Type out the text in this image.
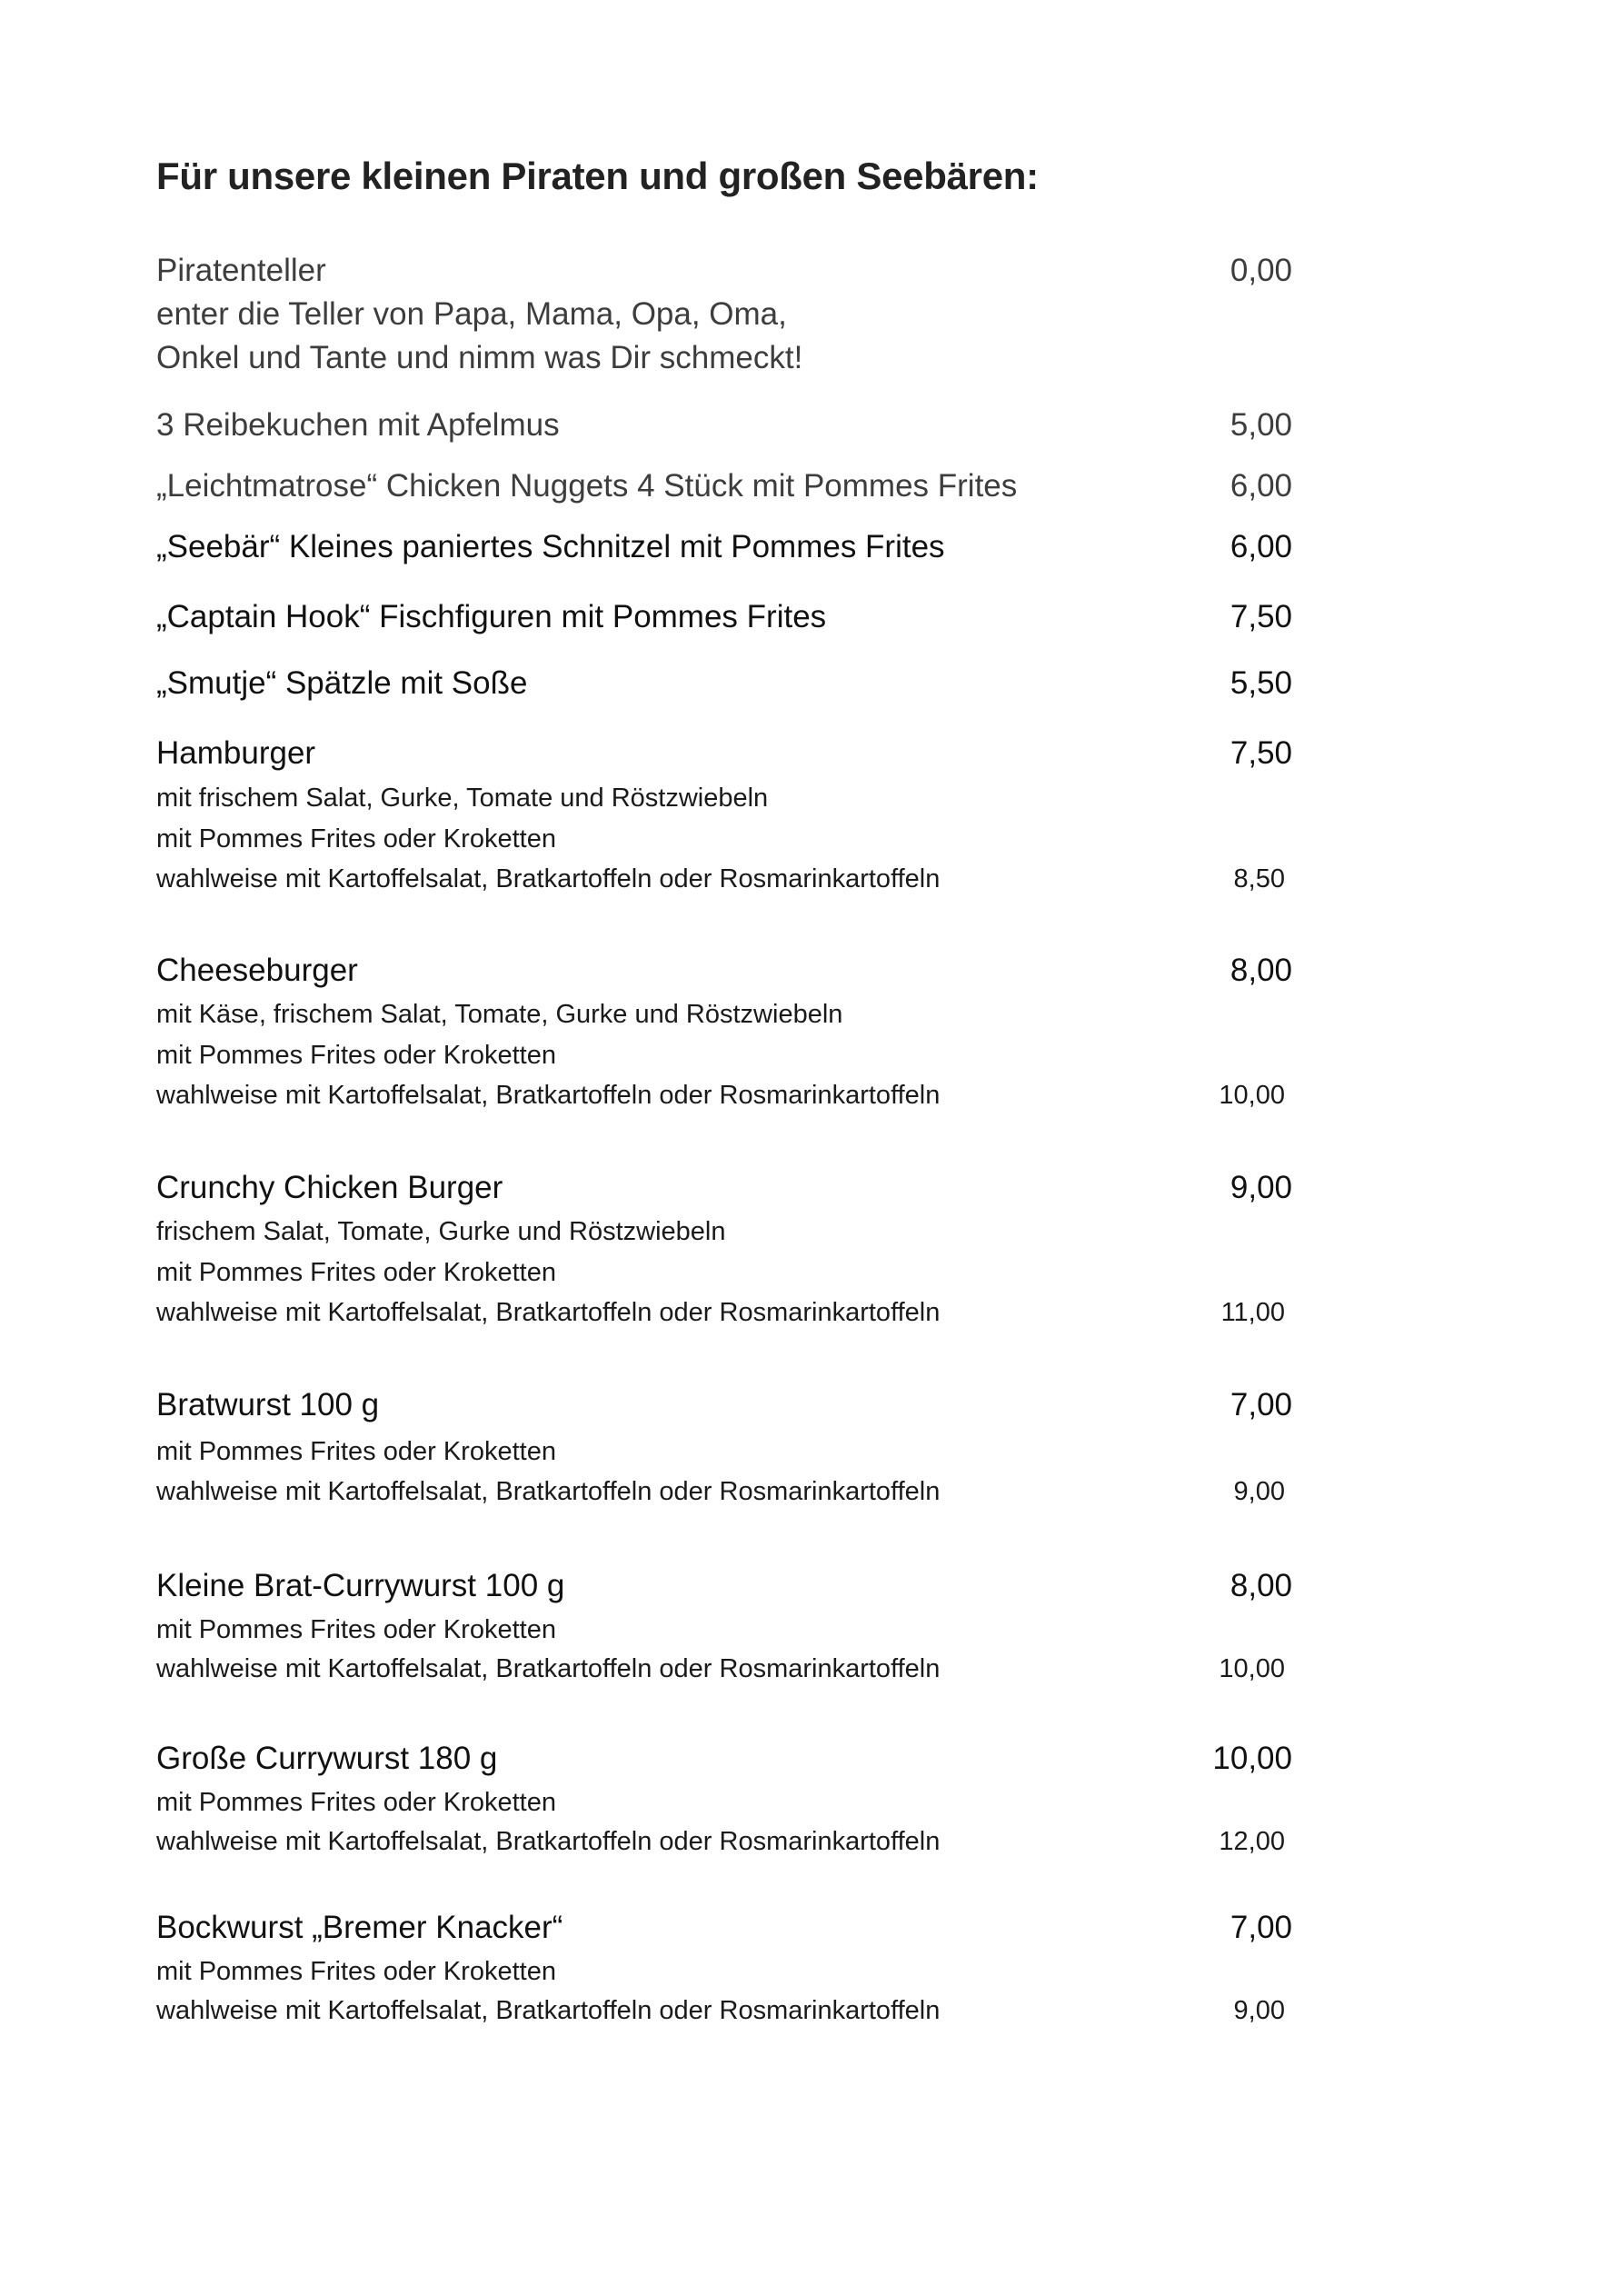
Für unsere kleinen Piraten und großen Seebären:
Piratenteller	0,00
enter die Teller von Papa, Mama, Opa, Oma,
Onkel und Tante und nimm was Dir schmeckt!
3 Reibekuchen mit Apfelmus	5,00
„Leichtmatrose“ Chicken Nuggets 4 Stück mit Pommes Frites	6,00
„Seebär“ Kleines paniertes Schnitzel mit Pommes Frites	6,00
„Captain Hook“ Fischfiguren mit Pommes Frites	7,50
„Smutje“ Spätzle mit Soße	5,50
Hamburger	7,50
mit frischem Salat, Gurke, Tomate und Röstzwiebeln
mit Pommes Frites oder Kroketten
wahlweise mit Kartoffelsalat, Bratkartoffeln oder Rosmarinkartoffeln	8,50
Cheeseburger	8,00
mit Käse, frischem Salat, Tomate, Gurke und Röstzwiebeln
mit Pommes Frites oder Kroketten
wahlweise mit Kartoffelsalat, Bratkartoffeln oder Rosmarinkartoffeln	10,00
Crunchy Chicken Burger	9,00
frischem Salat, Tomate, Gurke und Röstzwiebeln
mit Pommes Frites oder Kroketten
wahlweise mit Kartoffelsalat, Bratkartoffeln oder Rosmarinkartoffeln	11,00
Bratwurst 100 g	7,00
mit Pommes Frites oder Kroketten
wahlweise mit Kartoffelsalat, Bratkartoffeln oder Rosmarinkartoffeln	9,00
Kleine Brat-Currywurst 100 g	8,00
mit Pommes Frites oder Kroketten
wahlweise mit Kartoffelsalat, Bratkartoffeln oder Rosmarinkartoffeln	10,00
Große Currywurst 180 g	10,00
mit Pommes Frites oder Kroketten
wahlweise mit Kartoffelsalat, Bratkartoffeln oder Rosmarinkartoffeln	12,00
Bockwurst „Bremer Knacker“	7,00
mit Pommes Frites oder Kroketten
wahlweise mit Kartoffelsalat, Bratkartoffeln oder Rosmarinkartoffeln	9,00
